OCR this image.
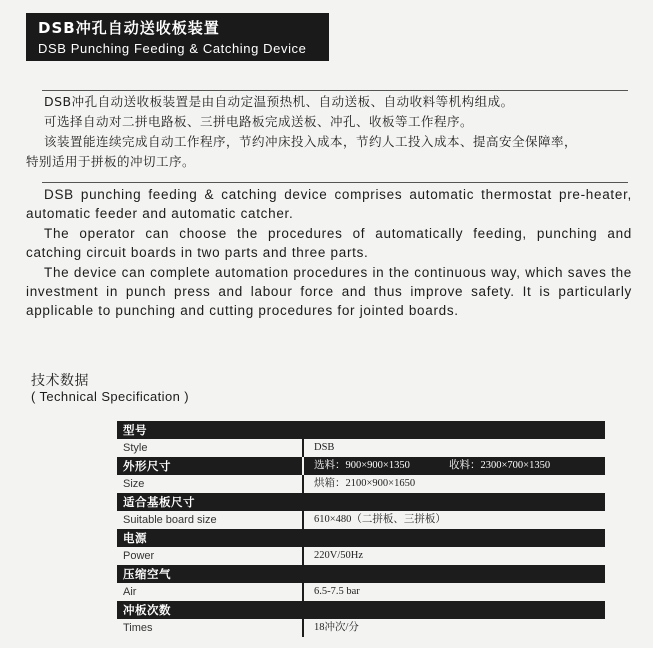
DSB冲孔自动送收板装置
DSB Punching Feeding & Catching Device

DSB冲孔自动送收板装置是由自动定温预热机、自动送板、自动收料等机构组成。

可选择自动对二拼电路板、三拼电路板完成送板、冲孔、收板等工作程序。

该装置能连续完成自动工作程序，节约冲床投入成本，节约人工投入成本、提高安全保障率，

特别适用于拼板的冲切工序。

DSB punching feeding & catching device comprises automatic thermostat pre-heater, automatic feeder and automatic catcher.

The operator can choose the procedures of automatically feeding, punching and catching circuit boards in two parts and three parts.

The device can complete automation procedures in the continuous way, which saves the investment in punch press and labour force and thus improve safety. It is particularly applicable to punching and cutting procedures for jointed boards.

技术数据
( Technical Specification )
型号
Style	DSB
外形尺寸	选料：900×900×1350	收料：2300×700×1350
Size	烘箱：2100×900×1650
适合基板尺寸
Suitable board size	610×480（二拼板、三拼板）
电源
Power	220V/50Hz
压缩空气
Air	6.5-7.5 bar
冲板次数
Times	18冲次/分
